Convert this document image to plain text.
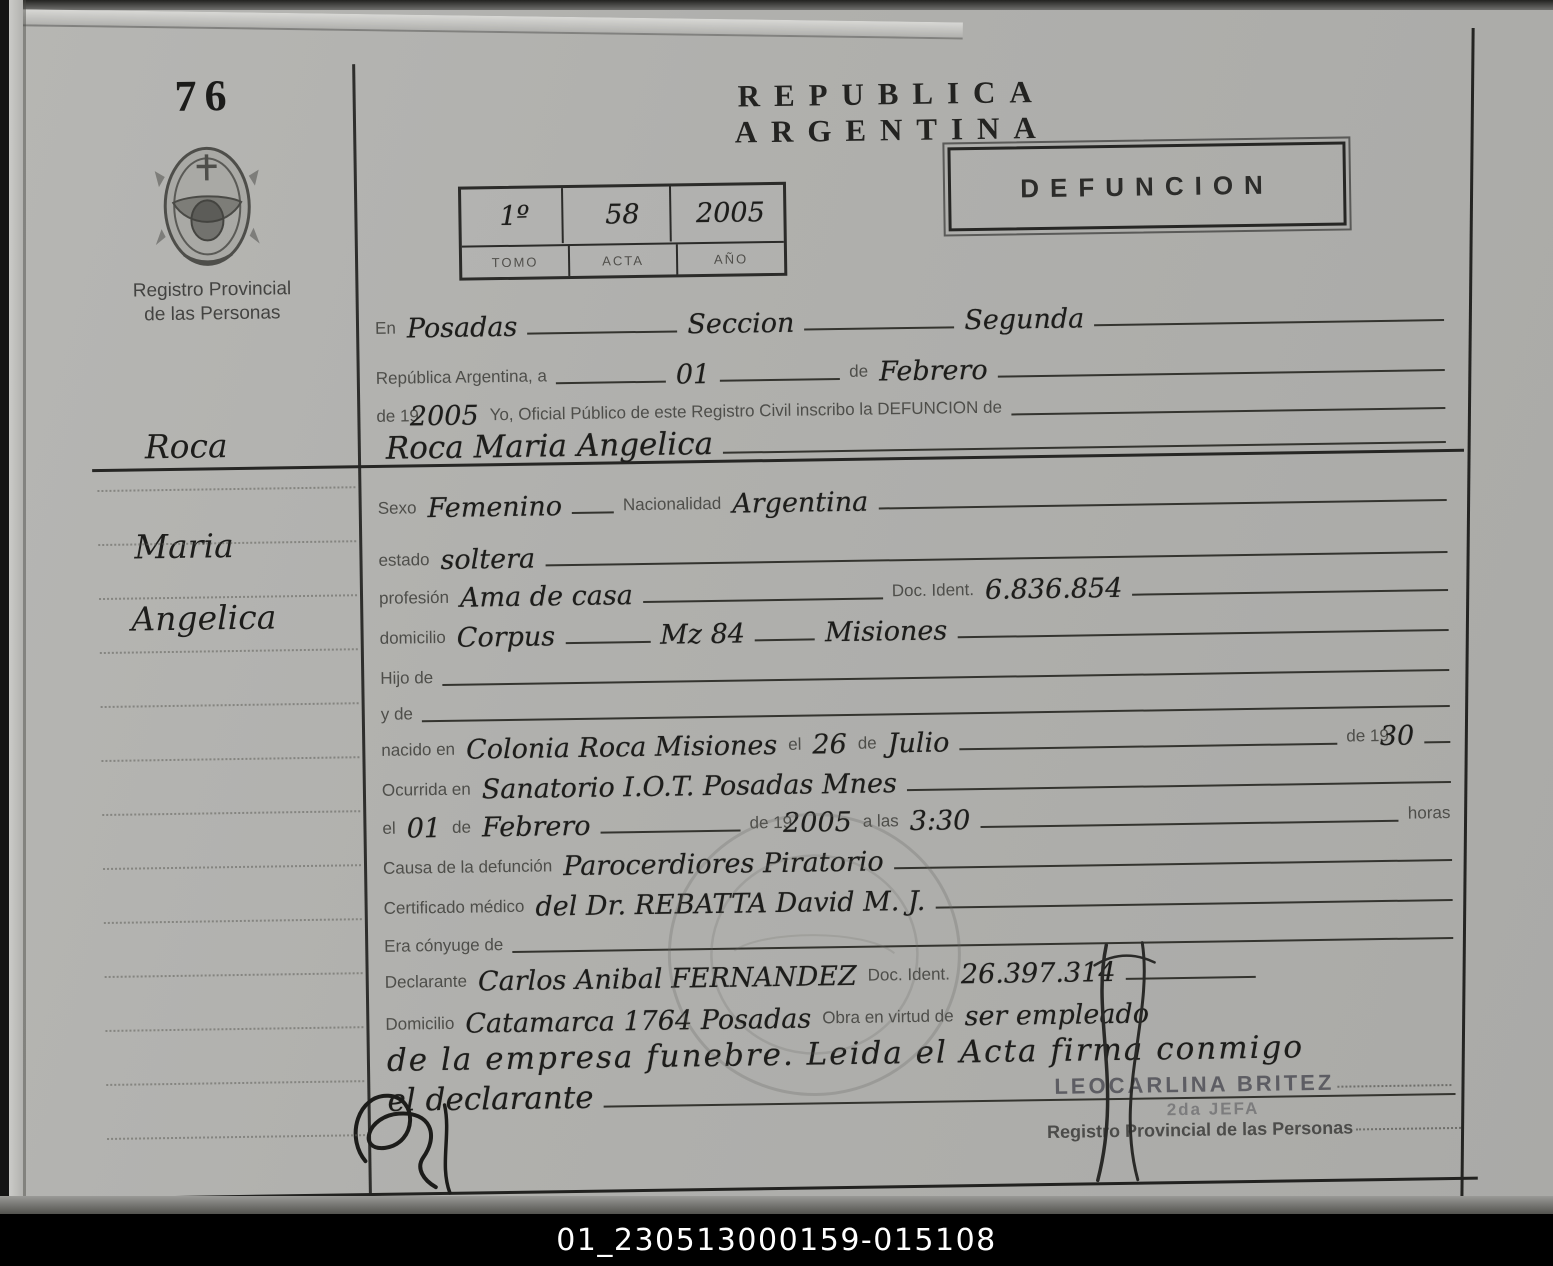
76
Registro Provincial
de las Personas
REPUBLICA ARGENTINA
1º	58	2005
TOMO	ACTA	AÑO
DEFUNCION
Roca
Maria
Angelica
En Posadas	Seccion	Segunda
República Argentina, a	01	de Febrero
de 19
2005 Yo, Oficial Público de este Registro Civil inscribo la DEFUNCION de
Roca Maria Angelica
Sexo Femenino	Nacionalidad Argentina
estado soltera
profesión Ama de casa	Doc. Ident. 6.836.854
domicilio Corpus	Mz 84	Misiones
Hijo de
y de
nacido en Colonia Roca Misiones el 26 de Julio	de 19
30
Ocurrida en Sanatorio I.O.T. Posadas Mnes
el 01 de Febrero	de 19
2005 a las 3:30	horas
Causa de la defunción Parocerdiores Piratorio
Certificado médico del Dr. REBATTA David M. J.
Era cónyuge de
Declarante Carlos Anibal FERNANDEZ Doc. Ident. 26.397.314
Domicilio Catamarca 1764 Posadas Obra en virtud de ser empleado
de la empresa funebre. Leida el Acta firma conmigo
el declarante	LEOCARLINA BRITEZ
2da JEFA
Registro Provincial de las Personas
01_230513000159-015108
